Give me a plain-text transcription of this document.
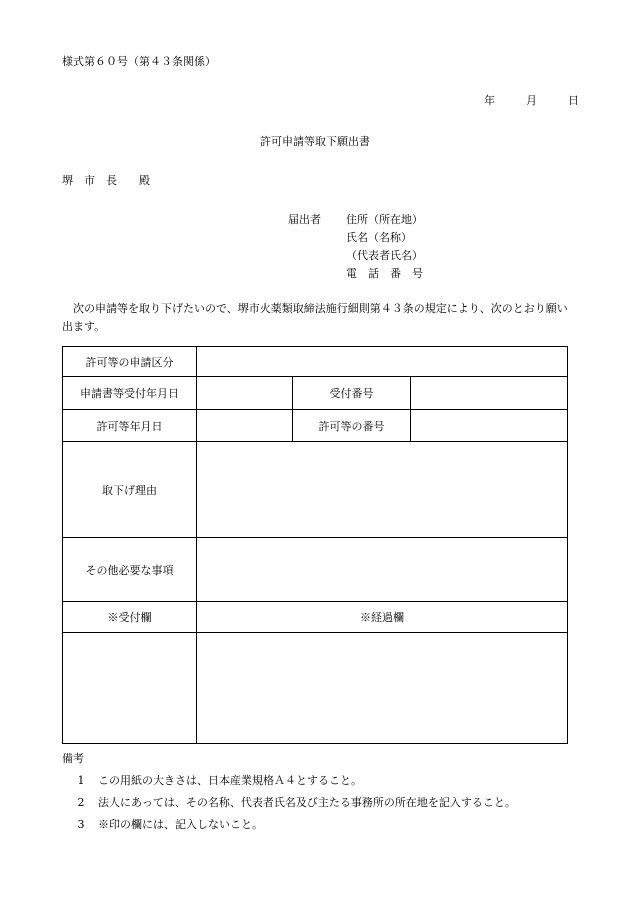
様式第６０号（第４３条関係）
年	月	日
許可申請等取下願出書
堺　市　長　　殿
届出者 住所（所在地）
氏名（名称）
（代表者氏名）
電　話　番　号

次の申請等を取り下げたいので、堺市火薬類取締法施行細則第４３条の規定により、次のとおり願い出ます。

許可等の申請区分			
申請書等受付年月日		受付番号	
許可等年月日		許可等の番号	
取下げ理由			
その他必要な事項			
※受付欄	※経過欄		

備考
1 この用紙の大きさは、日本産業規格Ａ４とすること。
2 法人にあっては、その名称、代表者氏名及び主たる事務所の所在地を記入すること。
3 ※印の欄には、記入しないこと。
